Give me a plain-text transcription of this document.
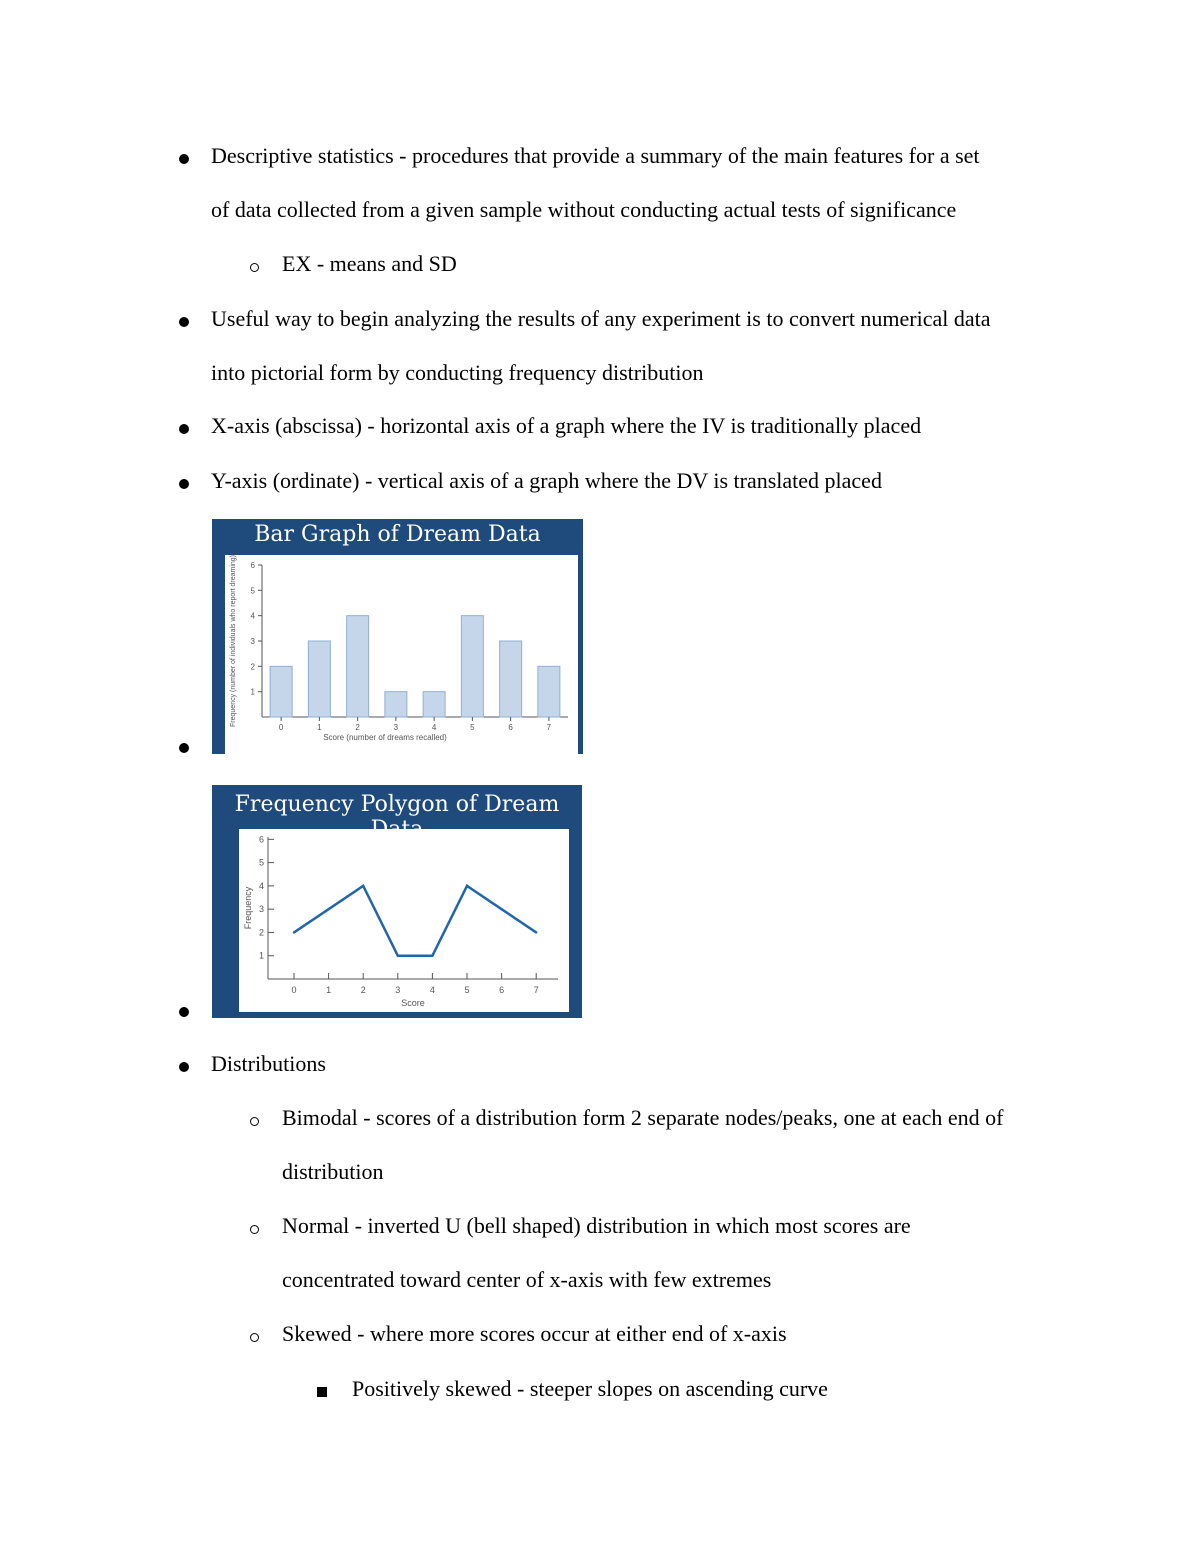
Descriptive statistics - procedures that provide a summary of the main features for a set
of data collected from a given sample without conducting actual tests of significance
EX - means and SD
Useful way to begin analyzing the results of any experiment is to convert numerical data
into pictorial form by conducting frequency distribution
X-axis (abscissa) - horizontal axis of a graph where the IV is traditionally placed
Y-axis (ordinate) - vertical axis of a graph where the DV is translated placed
Bar Graph of Dream Data
1
2
3
4
5
6
0	1	2	3	4	5	6	7
Score (number of dreams recalled)
Frequency (number of individuals who report dreaming)
Frequency Polygon of Dream
1
2
3
4
5
6
0	1	2	3	4	5	6	7
Score
Frequency
Distributions
Bimodal - scores of a distribution form 2 separate nodes/peaks, one at each end of
distribution
Normal - inverted U (bell shaped) distribution in which most scores are
concentrated toward center of x-axis with few extremes
Skewed - where more scores occur at either end of x-axis
Positively skewed - steeper slopes on ascending curve
